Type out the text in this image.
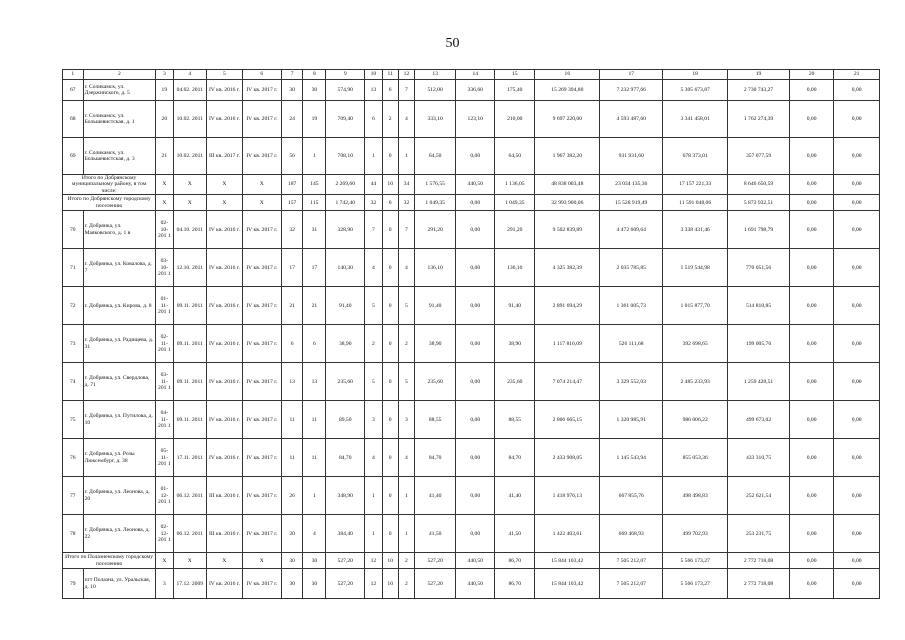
50
1	2	3	4	5	6	7	8	9	10	11	12	13	14	15	16	17	18	19	20	21
67	г. Соликамск, ул. Дзержинского, д. 5	19	04.02. 2011	IV кв. 2016 г.	IV кв. 2017 г.	30	30	574,90	13	6	7	512,00	336,60	175,40	15 269 394,80	7 232 977,66	5 305 673,87	2 730 743,27	0,00	0,00
68	г. Соликамск, ул. Большевистская, д. 1	20	10.02. 2011	IV кв. 2016 г.	IV кв. 2017 г.	24	19	709,40	6	2	4	333,10	123,10	210,00	9 697 220,00	4 593 487,60	3 341 458,01	1 762 274,39	0,00	0,00
69	г. Соликамск, ул. Большевистская, д. 3	21	10.02. 2011	III кв. 2017 г.	IV кв. 2017 г.	56	1	708,10	1	0	1	64,50	0,00	64,50	1 967 382,20	931 931,60	678 373,01	357 077,59	0,00	0,00
Итого по Добрянскому муниципальному району, в том числе:		X	X	X	X	187	145	2 269,60	44	10	34	1 576,55	440,50	1 136,05	48 838 003,48	23 034 135,36	17 157 221,33	8 646 650,59	0,00	0,00
Итого по Добрянскому городскому поселению		X	X	X	X	157	115	1 742,40	32	0	32	1 049,35	0,00	1 049,35	32 993 900,06	15 528 919,49	11 591 048,06	5 873 932,51	0,00	0,00
70	г. Добрянка, ул. Маяковского, д. 1 в	02- 10- 201 1	04.10. 2011	IV кв. 2016 г.	IV кв. 2017 г.	32	31	328,90	7	0	7	291,20	0,00	291,20	9 502 839,89	4 472 609,64	3 338 431,46	1 691 798,79	0,00	0,00
71	г. Добрянка, ул. Ковалова, д. 7	03- 10- 201 1	12.10. 2011	IV кв. 2016 г.	IV кв. 2017 г.	17	17	140,30	4	0	4	136,10	0,00	136,10	4 325 382,39	2 035 785,85	1 519 544,98	770 051,56	0,00	0,00
72	г. Добрянка, ул. Кирова, д. 8	01- 11- 201 1	09.11. 2011	IV кв. 2016 г.	IV кв. 2017 г.	21	21	91,40	5	0	5	91,40	0,00	91,40	2 891 694,29	1 361 005,73	1 015 877,70	514 810,85	0,00	0,00
73	г. Добрянка, ул. Радищева, д. 31	02- 11- 201 1	09.11. 2011	IV кв. 2016 г.	IV кв. 2017 г.	6	6	38,90	2	0	2	38,90	0,00	38,90	1 117 816,09	526 111,68	392 698,65	199 005,76	0,00	0,00
74	г. Добрянка, ул. Свердлова, д. 71	03- 11- 201 1	09.11. 2011	IV кв. 2016 г.	IV кв. 2017 г.	13	13	235,60	5	0	5	235,60	0,00	235,60	7 074 214,47	3 329 552,03	2 485 233,93	1 259 428,51	0,00	0,00
75	г. Добрянка, ул. Путилова, д. 10	04- 11- 201 1	09.11. 2011	IV кв. 2016 г.	IV кв. 2017 г.	11	11	89,50	3	0	3	88,55	0,00	88,55	2 806 665,15	1 320 985,91	986 006,22	499 673,02	0,00	0,00
76	г. Добрянка, ул. Розы Люксембург, д. 38	05- 11- 201 1	17.11. 2011	IV кв. 2016 г.	IV кв. 2017 г.	11	11	84,70	4	0	4	84,70	0,00	84,70	2 433 908,05	1 145 543,94	855 053,36	433 310,75	0,00	0,00
77	г. Добрянка, ул. Леонова, д. 20	01- 12- 201 1	06.12. 2011	III кв. 2016 г.	IV кв. 2017 г.	26	1	348,90	1	0	1	41,40	0,00	41,40	1 418 976,13	667 855,76	498 498,83	252 621,54	0,00	0,00
78	г. Добрянка, ул. Леонова, д. 22	02- 12- 201 1	06.12. 2011	III кв. 2016 г.	IV кв. 2017 г.	20	4	384,40	1	0	1	41,50	0,00	41,50	1 422 403,61	669 468,93	499 702,93	253 231,75	0,00	0,00
Итого по Полазненскому городскому поселению		X	X	X	X	30	30	527,20	12	10	2	527,20	440,50	86,70	15 844 103,42	7 505 212,07	5 566 173,27	2 772 718,08	0,00	0,00
79	пгт Полазна, ул. Уральская, д. 10	3	17.12. 2009	IV кв. 2016 г.	IV кв. 2017 г.	30	30	527,20	12	10	2	527,20	440,50	86,70	15 844 103,42	7 505 212,07	5 566 173,27	2 772 718,08	0,00	0,00
